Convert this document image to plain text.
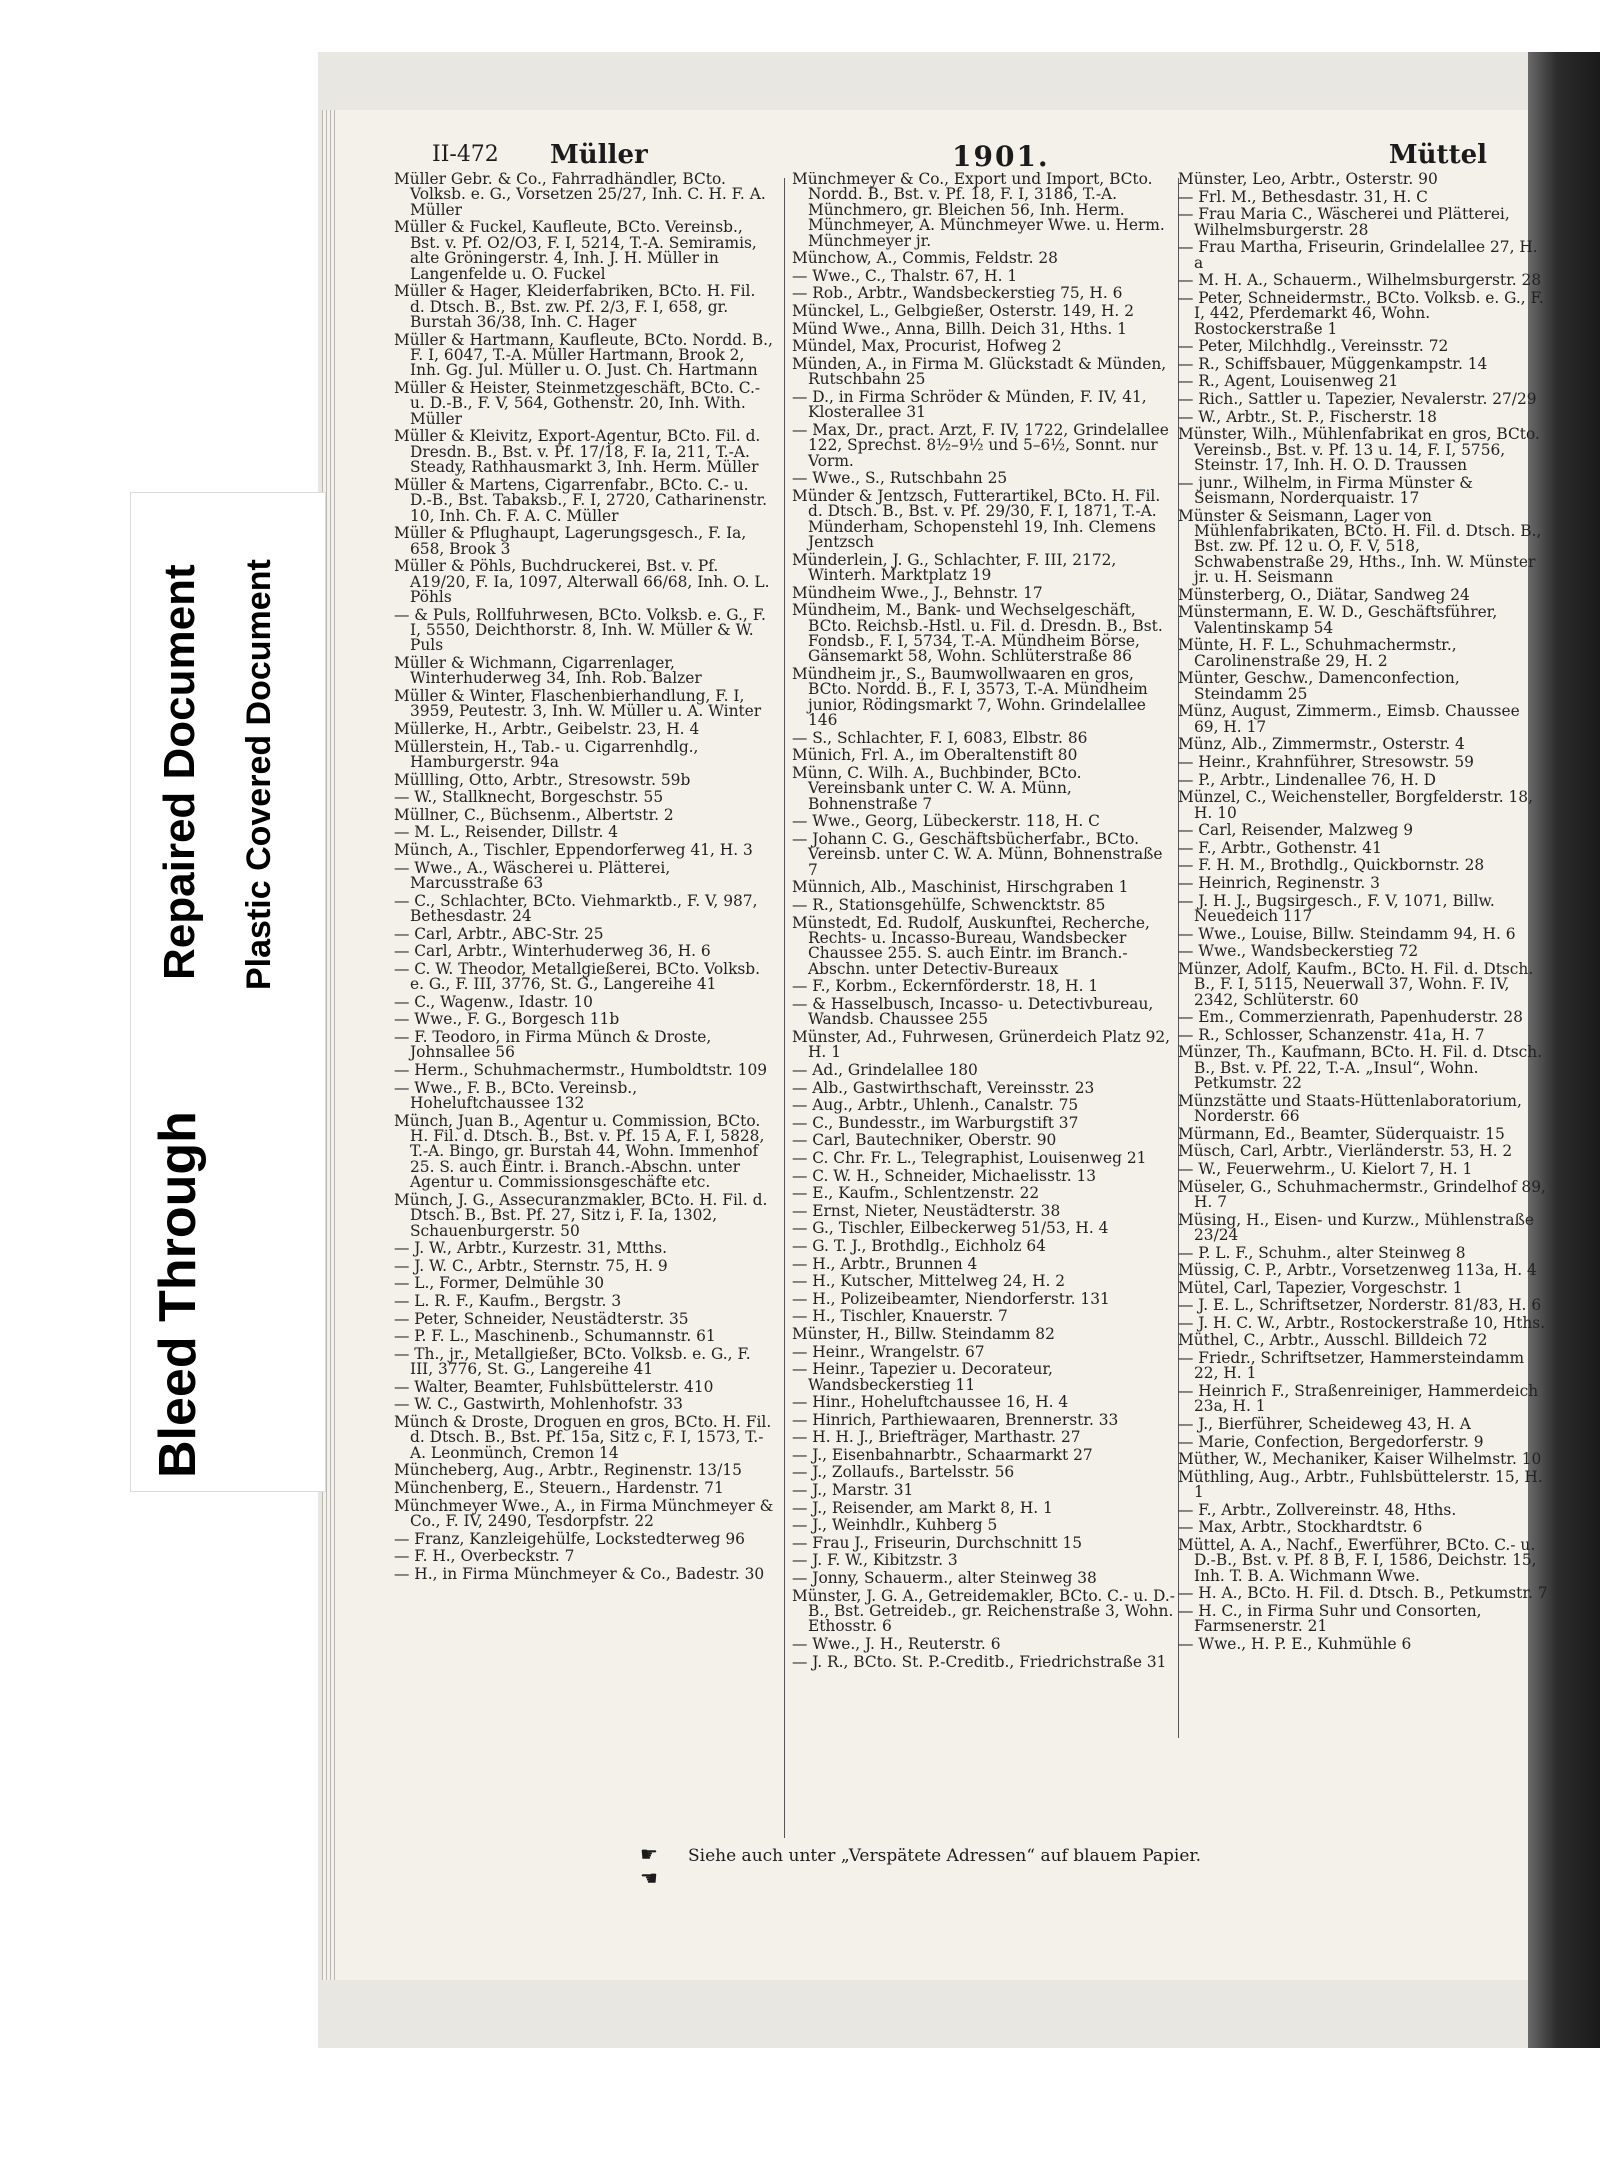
II-472 Müller	1901.	Müttel
Müller Gebr. & Co., Fahrradhändler, BCto. Volksb. e. G., Vorsetzen 25/27, Inh. C. H. F. A. Müller
Müller & Fuckel, Kaufleute, BCto. Vereinsb., Bst. v. Pf. O2/O3, F. I, 5214, T.-A. Semiramis, alte Gröningerstr. 4, Inh. J. H. Müller in Langenfelde u. O. Fuckel
Müller & Hager, Kleiderfabriken, BCto. H. Fil. d. Dtsch. B., Bst. zw. Pf. 2/3, F. I, 658, gr. Burstah 36/38, Inh. C. Hager
Müller & Hartmann, Kaufleute, BCto. Nordd. B., F. I, 6047, T.-A. Müller Hartmann, Brook 2, Inh. Gg. Jul. Müller u. O. Just. Ch. Hartmann
Müller & Heister, Steinmetzgeschäft, BCto. C.- u. D.-B., F. V, 564, Gothenstr. 20, Inh. With. Müller
Müller & Kleivitz, Export-Agentur, BCto. Fil. d. Dresdn. B., Bst. v. Pf. 17/18, F. Ia, 211, T.-A. Steady, Rathhausmarkt 3, Inh. Herm. Müller
Müller & Martens, Cigarrenfabr., BCto. C.- u. D.-B., Bst. Tabaksb., F. I, 2720, Catharinenstr. 10, Inh. Ch. F. A. C. Müller
Müller & Pflughaupt, Lagerungsgesch., F. Ia, 658, Brook 3
Müller & Pöhls, Buchdruckerei, Bst. v. Pf. A19/20, F. Ia, 1097, Alterwall 66/68, Inh. O. L. Pöhls
— & Puls, Rollfuhrwesen, BCto. Volksb. e. G., F. I, 5550, Deichthorstr. 8, Inh. W. Müller & W. Puls
Müller & Wichmann, Cigarrenlager, Winterhuderweg 34, Inh. Rob. Balzer
Müller & Winter, Flaschenbierhandlung, F. I, 3959, Peutestr. 3, Inh. W. Müller u. A. Winter
Müllerke, H., Arbtr., Geibelstr. 23, H. 4
Müllerstein, H., Tab.- u. Cigarrenhdlg., Hamburgerstr. 94a
Müllling, Otto, Arbtr., Stresowstr. 59b
— W., Stallknecht, Borgeschstr. 55
Müllner, C., Büchsenm., Albertstr. 2
— M. L., Reisender, Dillstr. 4
Münch, A., Tischler, Eppendorferweg 41, H. 3
— Wwe., A., Wäscherei u. Plätterei, Marcusstraße 63
— C., Schlachter, BCto. Viehmarktb., F. V, 987, Bethesdastr. 24
— Carl, Arbtr., ABC-Str. 25
— Carl, Arbtr., Winterhuderweg 36, H. 6
— C. W. Theodor, Metallgießerei, BCto. Volksb. e. G., F. III, 3776, St. G., Langereihe 41
— C., Wagenw., Idastr. 10
— Wwe., F. G., Borgesch 11b
— F. Teodoro, in Firma Münch & Droste, Johnsallee 56
— Herm., Schuhmachermstr., Humboldtstr. 109
— Wwe., F. B., BCto. Vereinsb., Hoheluftchaussee 132
Münch, Juan B., Agentur u. Commission, BCto. H. Fil. d. Dtsch. B., Bst. v. Pf. 15 A, F. I, 5828, T.-A. Bingo, gr. Burstah 44, Wohn. Immenhof 25. S. auch Eintr. i. Branch.-Abschn. unter Agentur u. Commissionsgeschäfte etc.
Münch, J. G., Assecuranzmakler, BCto. H. Fil. d. Dtsch. B., Bst. Pf. 27, Sitz i, F. Ia, 1302, Schauenburgerstr. 50
— J. W., Arbtr., Kurzestr. 31, Mtths.
— J. W. C., Arbtr., Sternstr. 75, H. 9
— L., Former, Delmühle 30
— L. R. F., Kaufm., Bergstr. 3
— Peter, Schneider, Neustädterstr. 35
— P. F. L., Maschinenb., Schumannstr. 61
— Th., jr., Metallgießer, BCto. Volksb. e. G., F. III, 3776, St. G., Langereihe 41
— Walter, Beamter, Fuhlsbüttelerstr. 410
— W. C., Gastwirth, Mohlenhofstr. 33
Münch & Droste, Droguen en gros, BCto. H. Fil. d. Dtsch. B., Bst. Pf. 15a, Sitz c, F. I, 1573, T.-A. Leonmünch, Cremon 14
Müncheberg, Aug., Arbtr., Reginenstr. 13/15
Münchenberg, E., Steuern., Hardenstr. 71
Münchmeyer Wwe., A., in Firma Münchmeyer & Co., F. IV, 2490, Tesdorpfstr. 22
— Franz, Kanzleigehülfe, Lockstedterweg 96
— F. H., Overbeckstr. 7
— H., in Firma Münchmeyer & Co., Badestr. 30
Münchmeyer & Co., Export und Import, BCto. Nordd. B., Bst. v. Pf. 18, F. I, 3186, T.-A. Münchmero, gr. Bleichen 56, Inh. Herm. Münchmeyer, A. Münchmeyer Wwe. u. Herm. Münchmeyer jr.
Münchow, A., Commis, Feldstr. 28
— Wwe., C., Thalstr. 67, H. 1
— Rob., Arbtr., Wandsbeckerstieg 75, H. 6
Münckel, L., Gelbgießer, Osterstr. 149, H. 2
Münd Wwe., Anna, Billh. Deich 31, Hths. 1
Mündel, Max, Procurist, Hofweg 2
Münden, A., in Firma M. Glückstadt & Münden, Rutschbahn 25
— D., in Firma Schröder & Münden, F. IV, 41, Klosterallee 31
— Max, Dr., pract. Arzt, F. IV, 1722, Grindelallee 122, Sprechst. 8½–9½ und 5–6½, Sonnt. nur Vorm.
— Wwe., S., Rutschbahn 25
Münder & Jentzsch, Futterartikel, BCto. H. Fil. d. Dtsch. B., Bst. v. Pf. 29/30, F. I, 1871, T.-A. Münderham, Schopenstehl 19, Inh. Clemens Jentzsch
Münderlein, J. G., Schlachter, F. III, 2172, Winterh. Marktplatz 19
Mündheim Wwe., J., Behnstr. 17
Mündheim, M., Bank- und Wechselgeschäft, BCto. Reichsb.-Hstl. u. Fil. d. Dresdn. B., Bst. Fondsb., F. I, 5734, T.-A. Mündheim Börse, Gänsemarkt 58, Wohn. Schlüterstraße 86
Mündheim jr., S., Baumwollwaaren en gros, BCto. Nordd. B., F. I, 3573, T.-A. Mündheim junior, Rödingsmarkt 7, Wohn. Grindelallee 146
— S., Schlachter, F. I, 6083, Elbstr. 86
Münich, Frl. A., im Oberaltenstift 80
Münn, C. Wilh. A., Buchbinder, BCto. Vereinsbank unter C. W. A. Münn, Bohnenstraße 7
— Wwe., Georg, Lübeckerstr. 118, H. C
— Johann C. G., Geschäftsbücherfabr., BCto. Vereinsb. unter C. W. A. Münn, Bohnenstraße 7
Münnich, Alb., Maschinist, Hirschgraben 1
— R., Stationsgehülfe, Schwencktstr. 85
Münstedt, Ed. Rudolf, Auskunftei, Recherche, Rechts- u. Incasso-Bureau, Wandsbecker Chaussee 255. S. auch Eintr. im Branch.-Abschn. unter Detectiv-Bureaux
— F., Korbm., Eckernförderstr. 18, H. 1
— & Hasselbusch, Incasso- u. Detectivbureau, Wandsb. Chaussee 255
Münster, Ad., Fuhrwesen, Grünerdeich Platz 92, H. 1
— Ad., Grindelallee 180
— Alb., Gastwirthschaft, Vereinsstr. 23
— Aug., Arbtr., Uhlenh., Canalstr. 75
— C., Bundesstr., im Warburgstift 37
— Carl, Bautechniker, Oberstr. 90
— C. Chr. Fr. L., Telegraphist, Louisenweg 21
— C. W. H., Schneider, Michaelisstr. 13
— E., Kaufm., Schlentzenstr. 22
— Ernst, Nieter, Neustädterstr. 38
— G., Tischler, Eilbeckerweg 51/53, H. 4
— G. T. J., Brothdlg., Eichholz 64
— H., Arbtr., Brunnen 4
— H., Kutscher, Mittelweg 24, H. 2
— H., Polizeibeamter, Niendorferstr. 131
— H., Tischler, Knauerstr. 7
Münster, H., Billw. Steindamm 82
— Heinr., Wrangelstr. 67
— Heinr., Tapezier u. Decorateur, Wandsbeckerstieg 11
— Hinr., Hoheluftchaussee 16, H. 4
— Hinrich, Parthiewaaren, Brennerstr. 33
— H. H. J., Briefträger, Marthastr. 27
— J., Eisenbahnarbtr., Schaarmarkt 27
— J., Zollaufs., Bartelsstr. 56
— J., Marstr. 31
— J., Reisender, am Markt 8, H. 1
— J., Weinhdlr., Kuhberg 5
— Frau J., Friseurin, Durchschnitt 15
— J. F. W., Kibitzstr. 3
— Jonny, Schauerm., alter Steinweg 38
Münster, J. G. A., Getreidemakler, BCto. C.- u. D.-B., Bst. Getreideb., gr. Reichenstraße 3, Wohn. Ethosstr. 6
— Wwe., J. H., Reuterstr. 6
— J. R., BCto. St. P.-Creditb., Friedrichstraße 31
Münster, Leo, Arbtr., Osterstr. 90
— Frl. M., Bethesdastr. 31, H. C
— Frau Maria C., Wäscherei und Plätterei, Wilhelmsburgerstr. 28
— Frau Martha, Friseurin, Grindelallee 27, H. a
— M. H. A., Schauerm., Wilhelmsburgerstr. 28
— Peter, Schneidermstr., BCto. Volksb. e. G., F. I, 442, Pferdemarkt 46, Wohn. Rostockerstraße 1
— Peter, Milchhdlg., Vereinsstr. 72
— R., Schiffsbauer, Müggenkampstr. 14
— R., Agent, Louisenweg 21
— Rich., Sattler u. Tapezier, Nevalerstr. 27/29
— W., Arbtr., St. P., Fischerstr. 18
Münster, Wilh., Mühlenfabrikat en gros, BCto. Vereinsb., Bst. v. Pf. 13 u. 14, F. I, 5756, Steinstr. 17, Inh. H. O. D. Traussen
— junr., Wilhelm, in Firma Münster & Seismann, Norderquaistr. 17
Münster & Seismann, Lager von Mühlenfabrikaten, BCto. H. Fil. d. Dtsch. B., Bst. zw. Pf. 12 u. O, F. V, 518, Schwabenstraße 29, Hths., Inh. W. Münster jr. u. H. Seismann
Münsterberg, O., Diätar, Sandweg 24
Münstermann, E. W. D., Geschäftsführer, Valentinskamp 54
Münte, H. F. L., Schuhmachermstr., Carolinenstraße 29, H. 2
Münter, Geschw., Damenconfection, Steindamm 25
Münz, August, Zimmerm., Eimsb. Chaussee 69, H. 17
Münz, Alb., Zimmermstr., Osterstr. 4
— Heinr., Krahnführer, Stresowstr. 59
— P., Arbtr., Lindenallee 76, H. D
Münzel, C., Weichensteller, Borgfelderstr. 18, H. 10
— Carl, Reisender, Malzweg 9
— F., Arbtr., Gothenstr. 41
— F. H. M., Brothdlg., Quickbornstr. 28
— Heinrich, Reginenstr. 3
— J. H. J., Bugsirgesch., F. V, 1071, Billw. Neuedeich 117
— Wwe., Louise, Billw. Steindamm 94, H. 6
— Wwe., Wandsbeckerstieg 72
Münzer, Adolf, Kaufm., BCto. H. Fil. d. Dtsch. B., F. I, 5115, Neuerwall 37, Wohn. F. IV, 2342, Schlüterstr. 60
— Em., Commerzienrath, Papenhuderstr. 28
— R., Schlosser, Schanzenstr. 41a, H. 7
Münzer, Th., Kaufmann, BCto. H. Fil. d. Dtsch. B., Bst. v. Pf. 22, T.-A. „Insul“, Wohn. Petkumstr. 22
Münzstätte und Staats-Hüttenlaboratorium, Norderstr. 66
Mürmann, Ed., Beamter, Süderquaistr. 15
Müsch, Carl, Arbtr., Vierländerstr. 53, H. 2
— W., Feuerwehrm., U. Kielort 7, H. 1
Müseler, G., Schuhmachermstr., Grindelhof 89, H. 7
Müsing, H., Eisen- und Kurzw., Mühlenstraße 23/24
— P. L. F., Schuhm., alter Steinweg 8
Müssig, C. P., Arbtr., Vorsetzenweg 113a, H. 4
Mütel, Carl, Tapezier, Vorgeschstr. 1
— J. E. L., Schriftsetzer, Norderstr. 81/83, H. 6
— J. H. C. W., Arbtr., Rostockerstraße 10, Hths.
Müthel, C., Arbtr., Ausschl. Billdeich 72
— Friedr., Schriftsetzer, Hammersteindamm 22, H. 1
— Heinrich F., Straßenreiniger, Hammerdeich 23a, H. 1
— J., Bierführer, Scheideweg 43, H. A
— Marie, Confection, Bergedorferstr. 9
Müther, W., Mechaniker, Kaiser Wilhelmstr. 10
Müthling, Aug., Arbtr., Fuhlsbüttelerstr. 15, H. 1
— F., Arbtr., Zollvereinstr. 48, Hths.
— Max, Arbtr., Stockhardtstr. 6
Müttel, A. A., Nachf., Ewerführer, BCto. C.- u. D.-B., Bst. v. Pf. 8 B, F. I, 1586, Deichstr. 15, Inh. T. B. A. Wichmann Wwe.
— H. A., BCto. H. Fil. d. Dtsch. B., Petkumstr. 7
— H. C., in Firma Suhr und Consorten, Farmsenerstr. 21
— Wwe., H. P. E., Kuhmühle 6
☛ Siehe auch unter „Verspätete Adressen“ auf blauem Papier.☚
Bleed Through
Repaired Document Plastic Covered Document
